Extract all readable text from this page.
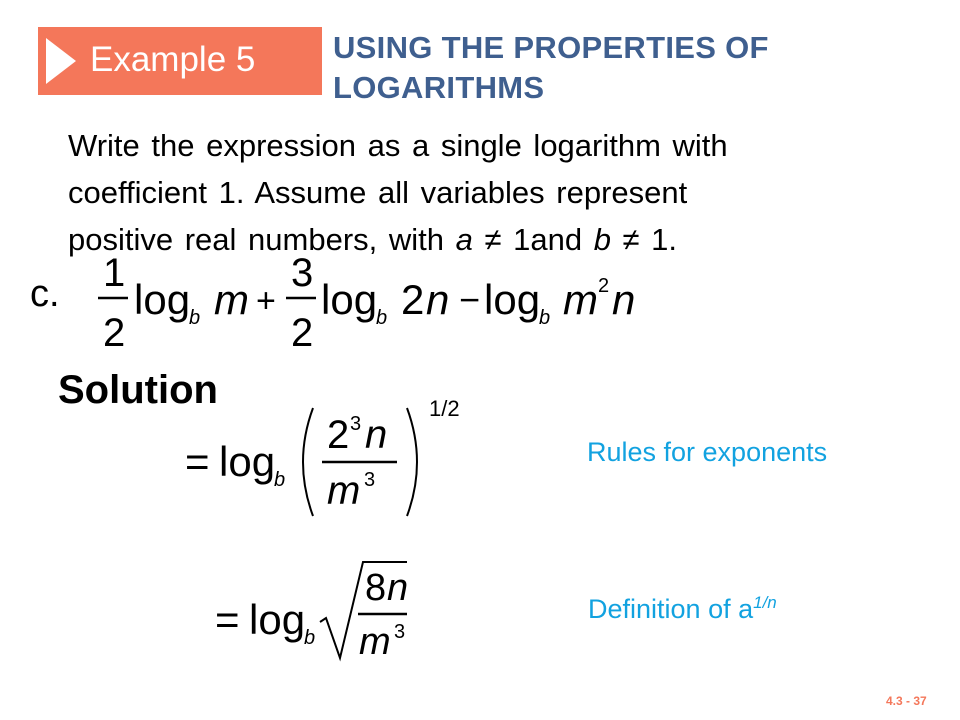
Example 5	USING THE PROPERTIES OF
LOGARITHMS
Write the expression as a single logarithm with
coefficient 1. Assume all variables represent
positive real numbers, with a ≠ 1and b ≠ 1.
c. 1
2
log
b m +
3
2
log
b 2 n − log
b m 2 n
Solution
= log
b
2 3 n
m 3
1/2
Rules for exponents
= log
b
8 n
m 3
Definition of $a^{1/n}$
4.3 - 37
